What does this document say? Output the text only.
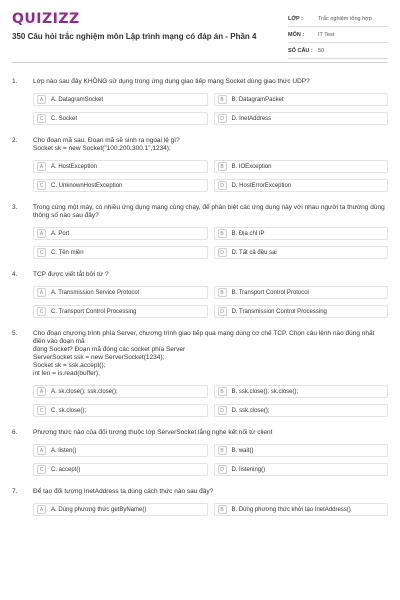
QUIZIZZ
350 Câu hỏi trắc nghiệm môn Lập trình mạng có đáp án - Phần 4
LỚP :	Trắc nghiệm tổng hợp
MÔN :	IT Test
SỐ CÂU : 50
1.	Lớp nào sau đây KHÔNG sử dụng trong ứng dụng giao tiếp mạng Socket dùng giao thức UDP?
A	A. DatagramSocket	B	B. DatagramPacket
C	C. Socket	D	D. InetAddress
2.	Cho đoạn mã sau. Đoạn mã sẽ sinh ra ngoại lệ gì?
Socket sk = new Socket("100.200.300.1",1234);
A	A. HostException	B	B. IOException
C	C. UnknownHostException	D	D. HostErrorException
3.	Trong cùng một máy, có nhiều ứng dụng mạng cùng chạy, để phân biệt các ứng dụng này với nhau người ta thường dùng thông số nào sau đây?
A	A. Port	B	B. Địa chỉ IP
C	C. Tên miền	D	D. Tất cả đều sai
4.	TCP được viết tắt bởi từ ?
A	A. Transmission Service Protocol	B	B. Transport Control Protocol
C	C. Transport Control Processing	D	D. Transmission Control Processing
5.	Cho đoạn chương trình phía Server, chương trình giao tiếp qua mạng dùng cơ chế TCP. Chọn câu lệnh nào đúng nhất điền vào đoạn mã
đóng Socket? Đoạn mã đóng các socket phía Server
ServerSocket ssk = new ServerSocket(1234);
Socket sk = ssk.accept();
int len = is.read(buffer);
A	A. sk.close(); ssk.close();	B	B. ssk.close(); sk.close();
C	C. sk.close();	D	D. ssk.close();
6.	Phương thức nào của đối tượng thuộc lớp ServerSocket lắng nghe kết nối từ client
A	A. listen()	B	B. wait()
C	C. accept()	D	D. listening()
7.	Để tạo đối tượng InetAddress ta dùng cách thức nào sau đây?
A	A. Dùng phương thức getByName()	B	B. Dùng phương thức khởi tạo InetAddress()
